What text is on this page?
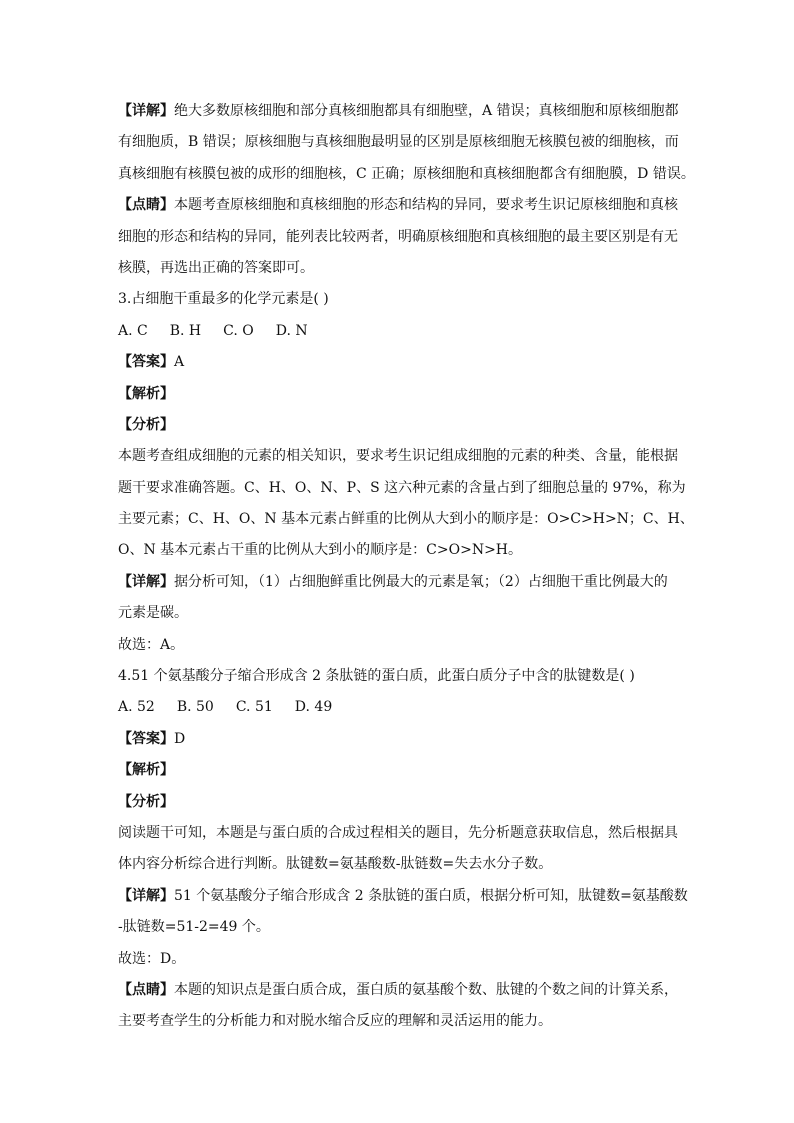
【详解】绝大多数原核细胞和部分真核细胞都具有细胞壁，A 错误；真核细胞和原核细胞都
有细胞质，B 错误；原核细胞与真核细胞最明显的区别是原核细胞无核膜包被的细胞核，而
真核细胞有核膜包被的成形的细胞核，C 正确；原核细胞和真核细胞都含有细胞膜，D 错误。
【点睛】本题考查原核细胞和真核细胞的形态和结构的异同，要求考生识记原核细胞和真核
细胞的形态和结构的异同，能列表比较两者，明确原核细胞和真核细胞的最主要区别是有无
核膜，再选出正确的答案即可。
3.占细胞干重最多的化学元素是( )
A. C B. H C. O D. N
【答案】A
【解析】
【分析】
本题考查组成细胞的元素的相关知识，要求考生识记组成细胞的元素的种类、含量，能根据
题干要求准确答题。C、H、O、N、P、S 这六种元素的含量占到了细胞总量的 97%，称为
主要元素；C、H、O、N 基本元素占鲜重的比例从大到小的顺序是：O>C>H>N；C、H、
O、N 基本元素占干重的比例从大到小的顺序是：C>O>N>H。
【详解】据分析可知，（1）占细胞鲜重比例最大的元素是氧；（2）占细胞干重比例最大的
元素是碳。
故选：A。
4.51 个氨基酸分子缩合形成含 2 条肽链的蛋白质，此蛋白质分子中含的肽键数是( )
A. 52 B. 50 C. 51 D. 49
【答案】D
【解析】
【分析】
阅读题干可知，本题是与蛋白质的合成过程相关的题目，先分析题意获取信息，然后根据具
体内容分析综合进行判断。肽键数=氨基酸数-肽链数=失去水分子数。
【详解】51 个氨基酸分子缩合形成含 2 条肽链的蛋白质，根据分析可知，肽键数=氨基酸数
-肽链数=51-2=49 个。
故选：D。
【点睛】本题的知识点是蛋白质合成，蛋白质的氨基酸个数、肽键的个数之间的计算关系，
主要考查学生的分析能力和对脱水缩合反应的理解和灵活运用的能力。
